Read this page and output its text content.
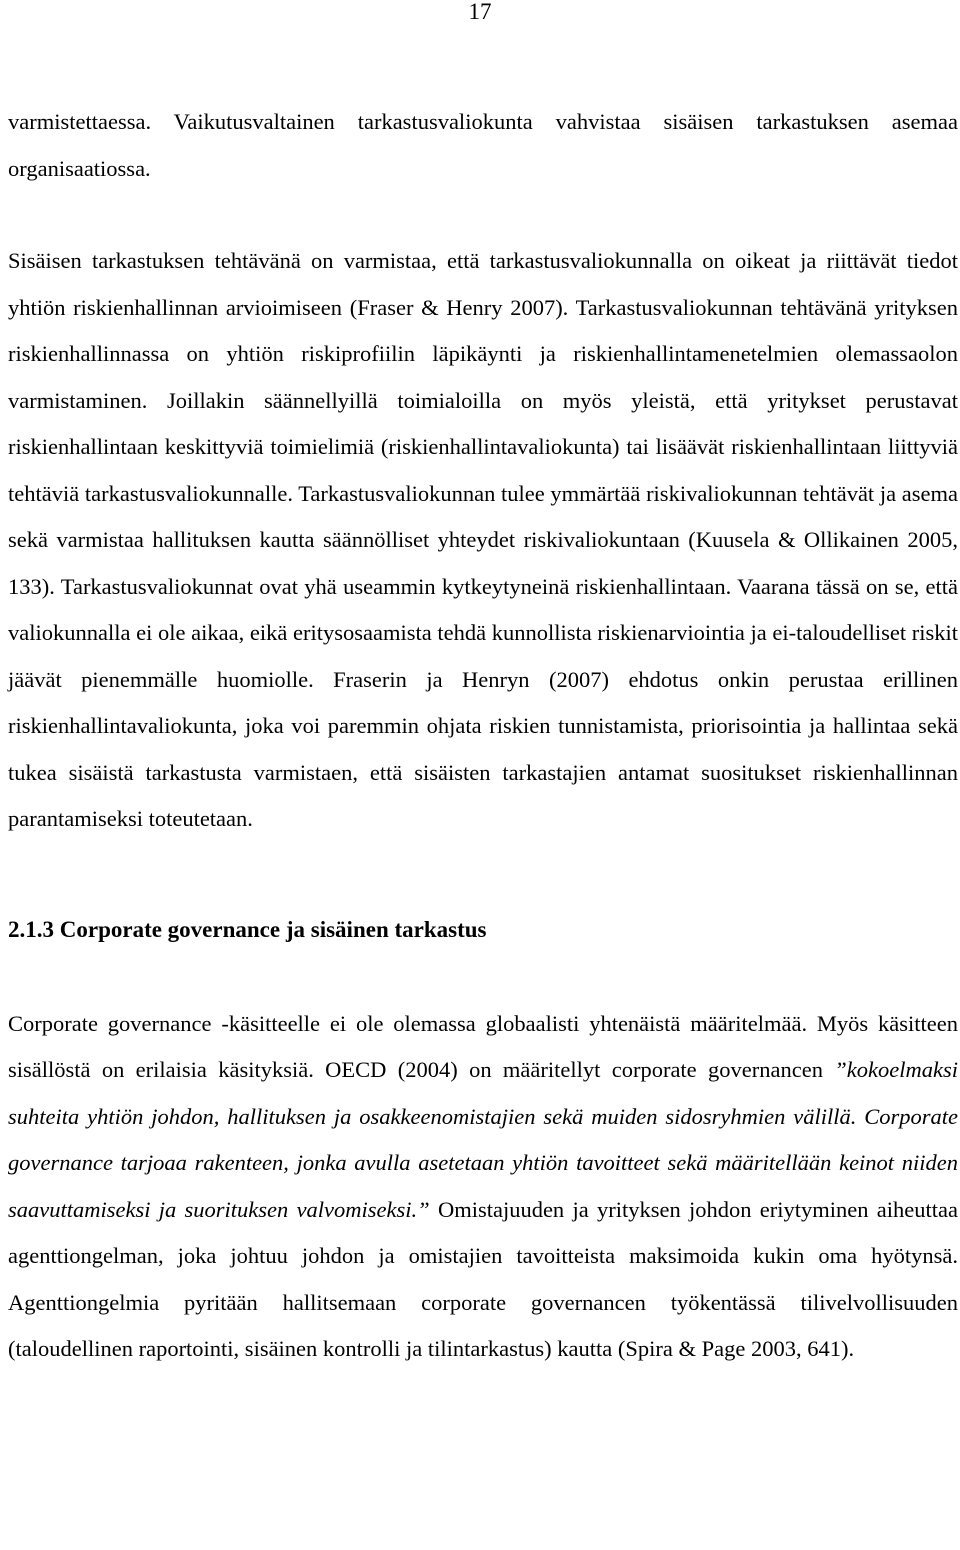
17

varmistettaessa. Vaikutusvaltainen tarkastusvaliokunta vahvistaa sisäisen tarkastuksen asemaa organisaatiossa.

Sisäisen tarkastuksen tehtävänä on varmistaa, että tarkastusvaliokunnalla on oikeat ja riittävät tiedot yhtiön riskienhallinnan arvioimiseen (Fraser & Henry 2007). Tarkastusvaliokunnan tehtävänä yrityksen riskienhallinnassa on yhtiön riskiprofiilin läpikäynti ja riskienhallintamenetelmien olemassaolon varmistaminen. Joillakin säännellyillä toimialoilla on myös yleistä, että yritykset perustavat riskienhallintaan keskittyviä toimielimiä (riskienhallintavaliokunta) tai lisäävät riskienhallintaan liittyviä tehtäviä tarkastusvaliokunnalle. Tarkastusvaliokunnan tulee ymmärtää riskivaliokunnan tehtävät ja asema sekä varmistaa hallituksen kautta säännölliset yhteydet riskivaliokuntaan (Kuusela & Ollikainen 2005, 133). Tarkastusvaliokunnat ovat yhä useammin kytkeytyneinä riskienhallintaan. Vaarana tässä on se, että valiokunnalla ei ole aikaa, eikä eritysosaamista tehdä kunnollista riskienarviointia ja ei-taloudelliset riskit jäävät pienemmälle huomiolle. Fraserin ja Henryn (2007) ehdotus onkin perustaa erillinen riskienhallintavaliokunta, joka voi paremmin ohjata riskien tunnistamista, priorisointia ja hallintaa sekä tukea sisäistä tarkastusta varmistaen, että sisäisten tarkastajien antamat suositukset riskienhallinnan parantamiseksi toteutetaan.

2.1.3 Corporate governance ja sisäinen tarkastus

Corporate governance -käsitteelle ei ole olemassa globaalisti yhtenäistä määritelmää. Myös käsitteen sisällöstä on erilaisia käsityksiä. OECD (2004) on määritellyt corporate governancen ”kokoelmaksi suhteita yhtiön johdon, hallituksen ja osakkeenomistajien sekä muiden sidosryhmien välillä. Corporate governance tarjoaa rakenteen, jonka avulla asetetaan yhtiön tavoitteet sekä määritellään keinot niiden saavuttamiseksi ja suorituksen valvomiseksi.” Omistajuuden ja yrityksen johdon eriytyminen aiheuttaa agenttiongelman, joka johtuu johdon ja omistajien tavoitteista maksimoida kukin oma hyötynsä. Agenttiongelmia pyritään hallitsemaan corporate governancen työkentässä tilivelvollisuuden (taloudellinen raportointi, sisäinen kontrolli ja tilintarkastus) kautta (Spira & Page 2003, 641).
